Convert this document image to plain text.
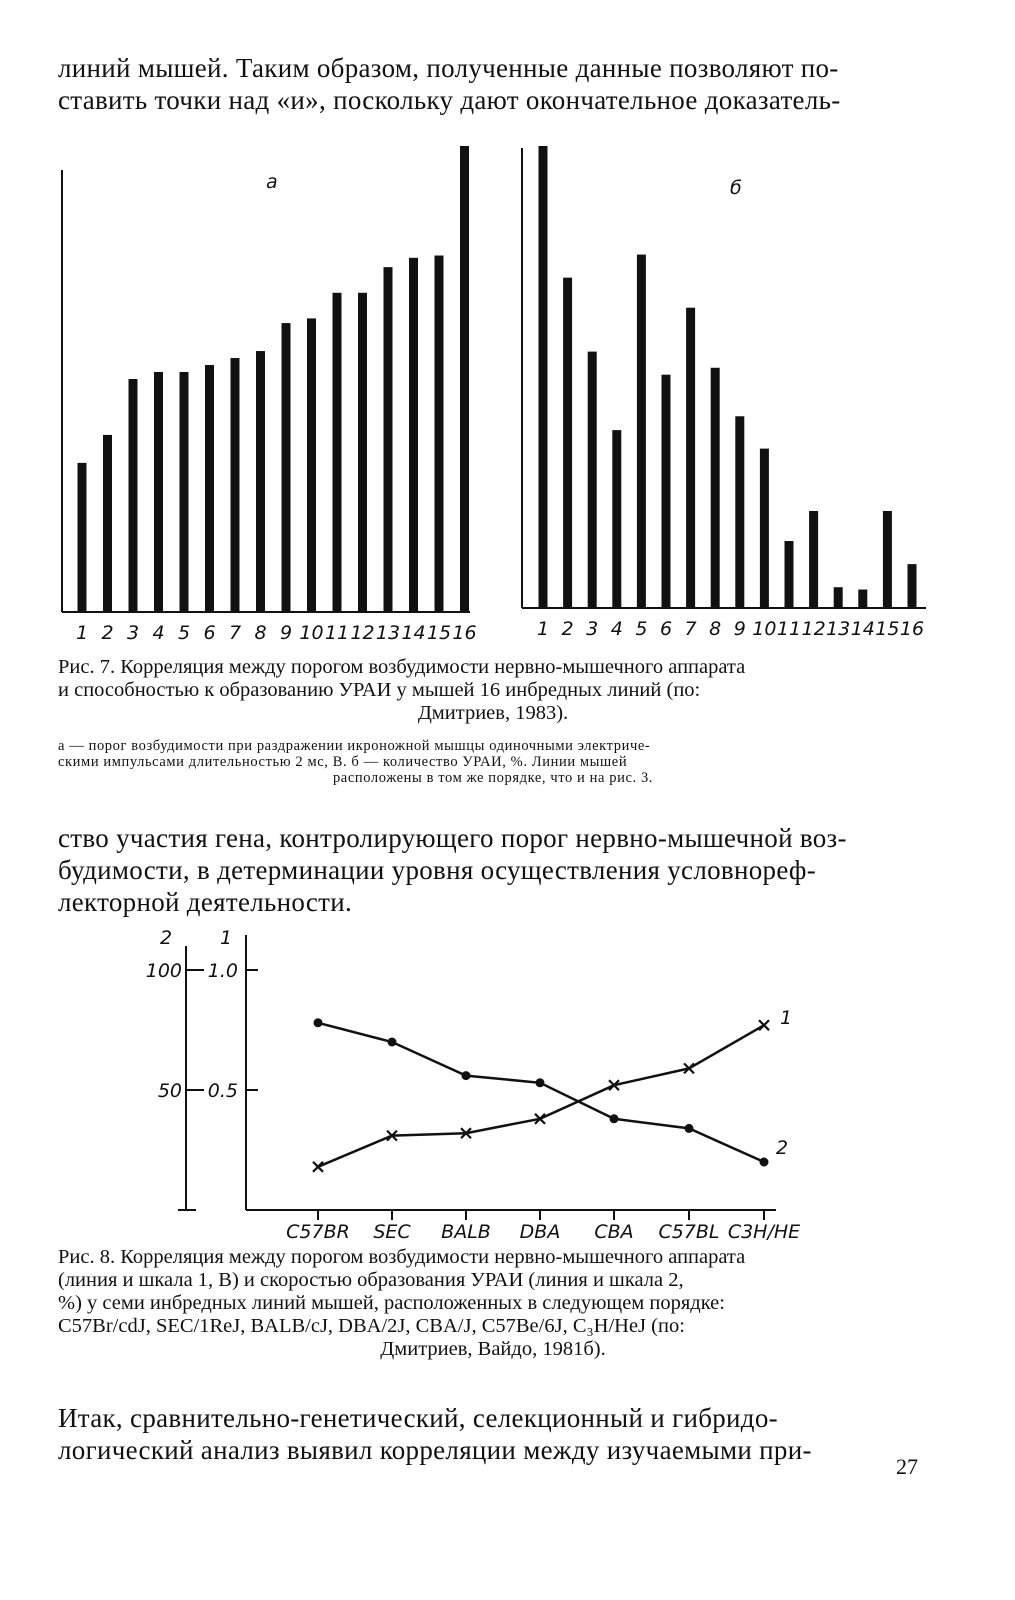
линий мышей. Таким образом, полученные данные позволяют по-
ставить точки над «и», поскольку дают окончательное доказатель-
а
1 2 3 4 5 6 7 8 9 10 11 12 13 14 15 16
б
1 2 3 4 5 6 7 8 9 10 11 12 13 14 15 16
2	1
1
2
100 1.0
50 0.5
C57BR SEC BALB DBA CBA C57BL C3H/HE
Рис. 7. Корреляция между порогом возбудимости нервно-мышечного аппарата
и способностью к образованию УРАИ у мышей 16 инбредных линий (по:
Дмитриев, 1983).
а — порог возбудимости при раздражении икроножной мышцы одиночными электриче-
скими импульсами длительностью 2 мс, В. б — количество УРАИ, %. Линии мышей
расположены в том же порядке, что и на рис. 3.
ство участия гена, контролирующего порог нервно-мышечной воз-
будимости, в детерминации уровня осуществления условнореф-
лекторной деятельности.
Рис. 8. Корреляция между порогом возбудимости нервно-мышечного аппарата
(линия и шкала 1, В) и скоростью образования УРАИ (линия и шкала 2,
%) у семи инбредных линий мышей, расположенных в следующем порядке:
C57Br/cdJ, SEC/1ReJ, BALB/cJ, DBA/2J, CBA/J, C57Be/6J, C₃H/HeJ (по:
Дмитриев, Вайдо, 1981б).
Итак, сравнительно-генетический, селекционный и гибридо-
логический анализ выявил корреляции между изучаемыми при-
27
